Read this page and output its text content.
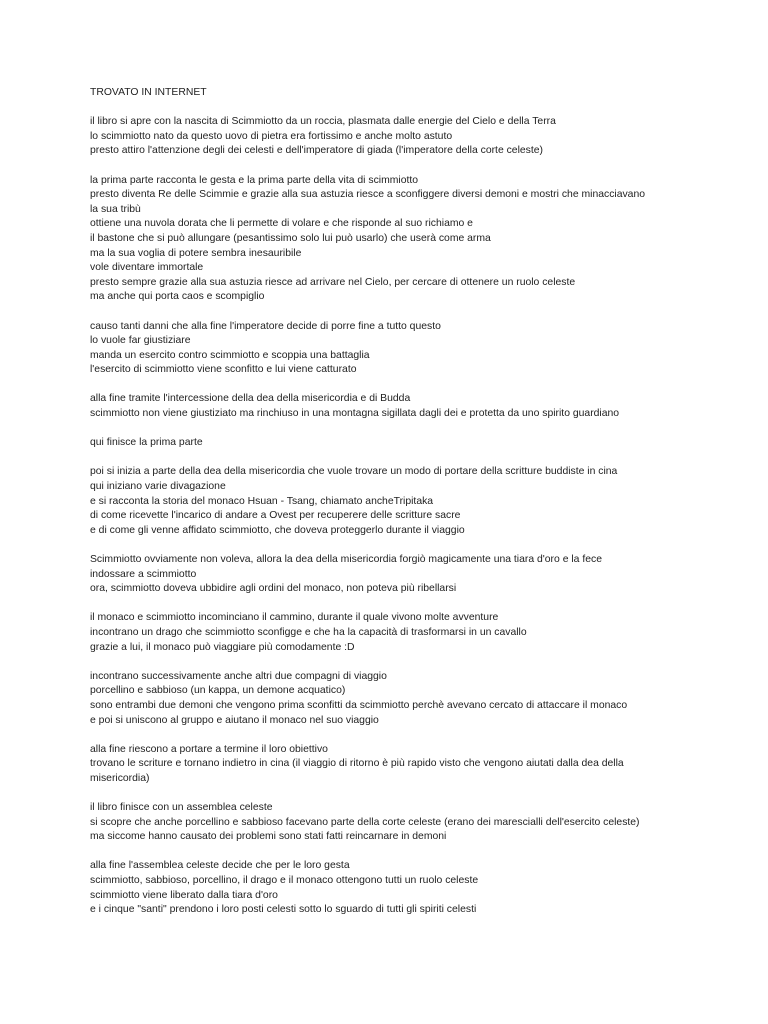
TROVATO IN INTERNET
il libro si apre con la nascita di Scimmiotto da un roccia, plasmata dalle energie del Cielo e della Terra
lo scimmiotto nato da questo uovo di pietra era fortissimo e anche molto astuto
presto attiro l'attenzione degli dei celesti e dell'imperatore di giada (l'imperatore della corte celeste)
la prima parte racconta le gesta e la prima parte della vita di scimmiotto
presto diventa Re delle Scimmie e grazie alla sua astuzia riesce a sconfiggere diversi demoni e mostri che minacciavano
la sua tribù
ottiene una nuvola dorata che li permette di volare e che risponde al suo richiamo e
il bastone che si può allungare (pesantissimo solo lui può usarlo) che userà come arma
ma la sua voglia di potere sembra inesauribile
vole diventare immortale
presto sempre grazie alla sua astuzia riesce ad arrivare nel Cielo, per cercare di ottenere un ruolo celeste
ma anche qui porta caos e scompiglio
causo tanti danni che alla fine l'imperatore decide di porre fine a tutto questo
lo vuole far giustiziare
manda un esercito contro scimmiotto e scoppia una battaglia
l'esercito di scimmiotto viene sconfitto e lui viene catturato
alla fine tramite l'intercessione della dea della misericordia e di Budda
scimmiotto non viene giustiziato ma rinchiuso in una montagna sigillata dagli dei e protetta da uno spirito guardiano
qui finisce la prima parte
poi si inizia a parte della dea della misericordia che vuole trovare un modo di portare della scritture buddiste in cina
qui iniziano varie divagazione
e si racconta la storia del monaco Hsuan - Tsang, chiamato ancheTripitaka
di come ricevette l'incarico di andare a Ovest per recuperere delle scritture sacre
e di come gli venne affidato scimmiotto, che doveva proteggerlo durante il viaggio
Scimmiotto ovviamente non voleva, allora la dea della misericordia forgiò magicamente una tiara d'oro e la fece
indossare a scimmiotto
ora, scimmiotto doveva ubbidire agli ordini del monaco, non poteva più ribellarsi
il monaco e scimmiotto incominciano il cammino, durante il quale vivono molte avventure
incontrano un drago che scimmiotto sconfigge e che ha la capacità di trasformarsi in un cavallo
grazie a lui, il monaco può viaggiare più comodamente :D
incontrano successivamente anche altri due compagni di viaggio
porcellino e sabbioso (un kappa, un demone acquatico)
sono entrambi due demoni che vengono prima sconfitti da scimmiotto perchè avevano cercato di attaccare il monaco
e poi si uniscono al gruppo e aiutano il monaco nel suo viaggio
alla fine riescono a portare a termine il loro obiettivo
trovano le scriture e tornano indietro in cina (il viaggio di ritorno è più rapido visto che vengono aiutati dalla dea della
misericordia)
il libro finisce con un assemblea celeste
si scopre che anche porcellino e sabbioso facevano parte della corte celeste (erano dei marescialli dell'esercito celeste)
ma siccome hanno causato dei problemi sono stati fatti reincarnare in demoni
alla fine l'assemblea celeste decide che per le loro gesta
scimmiotto, sabbioso, porcellino, il drago e il monaco ottengono tutti un ruolo celeste
scimmiotto viene liberato dalla tiara d'oro
e i cinque "santi" prendono i loro posti celesti sotto lo sguardo di tutti gli spiriti celesti
